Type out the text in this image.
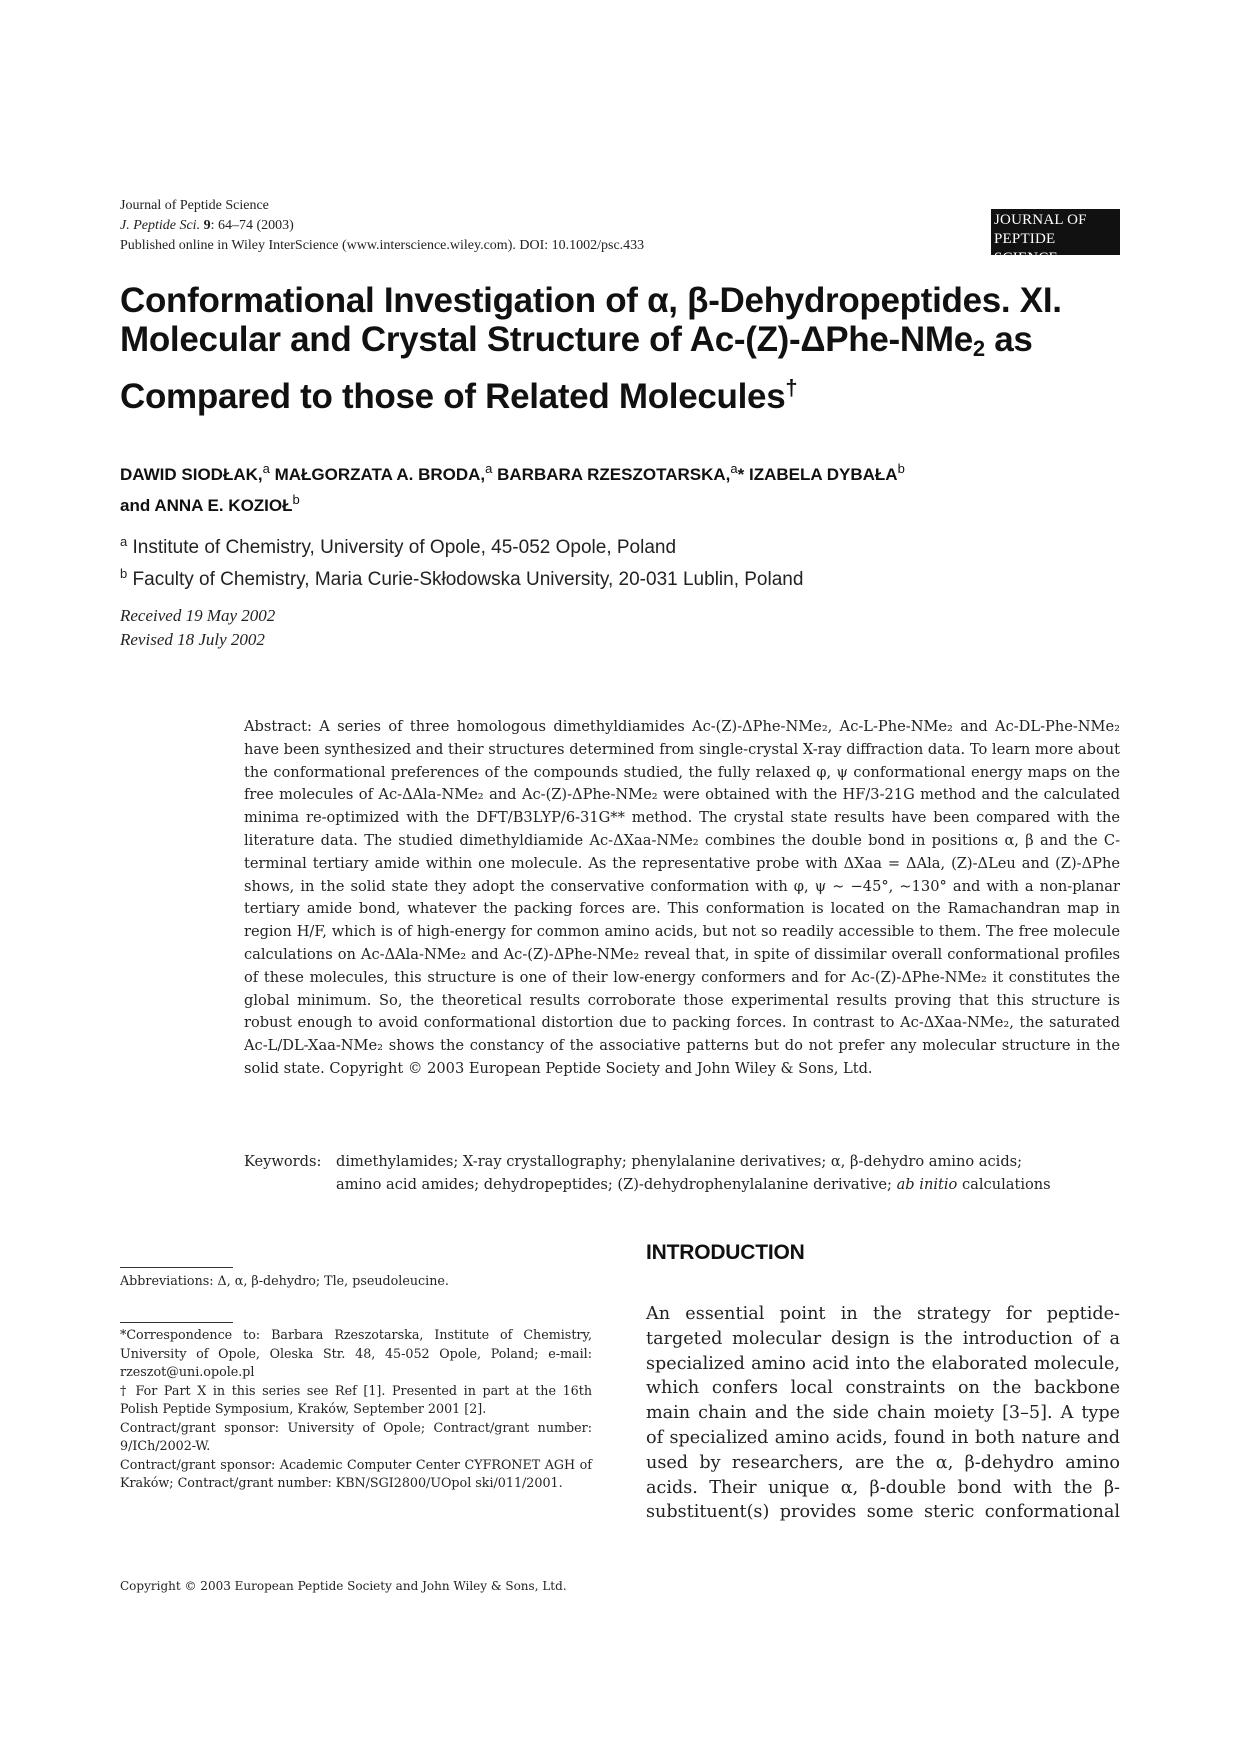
Journal of Peptide Science
J. Peptide Sci. 9: 64–74 (2003)
Published online in Wiley InterScience (www.interscience.wiley.com). DOI: 10.1002/psc.433
JOURNAL OF
PEPTIDE SCIENCE
Conformational Investigation of α, β-Dehydropeptides. XI.
Molecular and Crystal Structure of Ac-(Z)-ΔPhe-NMe$_2$ as
Compared to those of Related Molecules†
DAWID SIODŁAK,$^a$ MAŁGORZATA A. BRODA,$^a$ BARBARA RZESZOTARSKA,$^a$* IZABELA DYBAŁA$^b$
and ANNA E. KOZIOŁ$^b$
$^a$ Institute of Chemistry, University of Opole, 45-052 Opole, Poland
$^b$ Faculty of Chemistry, Maria Curie-Skłodowska University, 20-031 Lublin, Poland
Received 19 May 2002
Revised 18 July 2002
Abstract: A series of three homologous dimethyldiamides Ac-(Z)-ΔPhe-NMe₂, Ac-L-Phe-NMe₂ and Ac-DL-Phe-NMe₂ have been synthesized and their structures determined from single-crystal X-ray diffraction data. To learn more about the conformational preferences of the compounds studied, the fully relaxed φ, ψ conformational energy maps on the free molecules of Ac-ΔAla-NMe₂ and Ac-(Z)-ΔPhe-NMe₂ were obtained with the HF/3-21G method and the calculated minima re-optimized with the DFT/B3LYP/6-31G** method. The crystal state results have been compared with the literature data. The studied dimethyldiamide Ac-ΔXaa-NMe₂ combines the double bond in positions α, β and the C-terminal tertiary amide within one molecule. As the representative probe with ΔXaa = ΔAla, (Z)-ΔLeu and (Z)-ΔPhe shows, in the solid state they adopt the conservative conformation with φ, ψ ∼ −45°, ∼130° and with a non-planar tertiary amide bond, whatever the packing forces are. This conformation is located on the Ramachandran map in region H/F, which is of high-energy for common amino acids, but not so readily accessible to them. The free molecule calculations on Ac-ΔAla-NMe₂ and Ac-(Z)-ΔPhe-NMe₂ reveal that, in spite of dissimilar overall conformational profiles of these molecules, this structure is one of their low-energy conformers and for Ac-(Z)-ΔPhe-NMe₂ it constitutes the global minimum. So, the theoretical results corroborate those experimental results proving that this structure is robust enough to avoid conformational distortion due to packing forces. In contrast to Ac-ΔXaa-NMe₂, the saturated Ac-L/DL-Xaa-NMe₂ shows the constancy of the associative patterns but do not prefer any molecular structure in the solid state. Copyright © 2003 European Peptide Society and John Wiley & Sons, Ltd.
Keywords: dimethylamides; X-ray crystallography; phenylalanine derivatives; α, β-dehydro amino acids;
amino acid amides; dehydropeptides; (Z)-dehydrophenylalanine derivative; ab initio calculations
Abbreviations: Δ, α, β-dehydro; Tle, pseudoleucine.
*Correspondence to: Barbara Rzeszotarska, Institute of Chemistry, University of Opole, Oleska Str. 48, 45-052 Opole, Poland; e-mail: rzeszot@uni.opole.pl
† For Part X in this series see Ref [1]. Presented in part at the 16th Polish Peptide Symposium, Kraków, September 2001 [2].
Contract/grant sponsor: University of Opole; Contract/grant number: 9/ICh/2002-W.
Contract/grant sponsor: Academic Computer Center CYFRONET AGH of Kraków; Contract/grant number: KBN/SGI2800/UOpol ski/011/2001.
Copyright © 2003 European Peptide Society and John Wiley & Sons, Ltd.
INTRODUCTION
An essential point in the strategy for peptide-
targeted molecular design is the introduction of a
specialized amino acid into the elaborated molecule,
which confers local constraints on the backbone
main chain and the side chain moiety [3–5]. A type
of specialized amino acids, found in both nature and
used by researchers, are the α, β-dehydro amino
acids. Their unique α, β-double bond with the β-
substituent(s) provides some steric conformational
